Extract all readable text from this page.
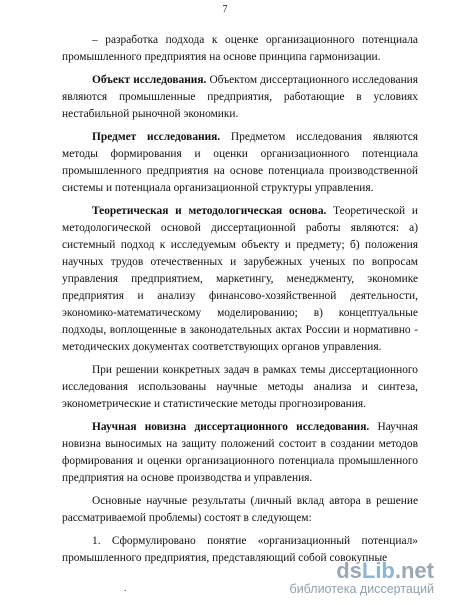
7

– разработка подхода к оценке организационного потенциала промышленного предприятия на основе принципа гармонизации.

Объект исследования. Объектом диссертационного исследования являются промышленные предприятия, работающие в условиях нестабильной рыночной экономики.

Предмет исследования. Предметом исследования являются методы формирования и оценки организационного потенциала промышленного предприятия на основе потенциала производственной системы и потенциала организационной структуры управления.

Теоретическая и методологическая основа. Теоретической и методологической основой диссертационной работы являются: а) системный подход к исследуемым объекту и предмету; б) положения научных трудов отечественных и зарубежных ученых по вопросам управления предприятием, маркетингу, менеджменту, экономике предприятия и анализу финансово-хозяйственной деятельности, экономико-математическому моделированию; в) концептуальные подходы, воплощенные в законодательных актах России и нормативно - методических документах соответствующих органов управления.

При решении конкретных задач в рамках темы диссертационного исследования использованы научные методы анализа и синтеза, эконометрические и статистические методы прогнозирования.

Научная новизна диссертационного исследования. Научная новизна выносимых на защиту положений состоит в создании методов формирования и оценки организационного потенциала промышленного предприятия на основе производства и управления.

Основные научные результаты (личный вклад автора в решение рассматриваемой проблемы) состоят в следующем:

1. Сформулировано понятие «организационный потенциал» промышленного предприятия, представляющий собой совокупные

.
dsLib.net
библиотека диссертаций
